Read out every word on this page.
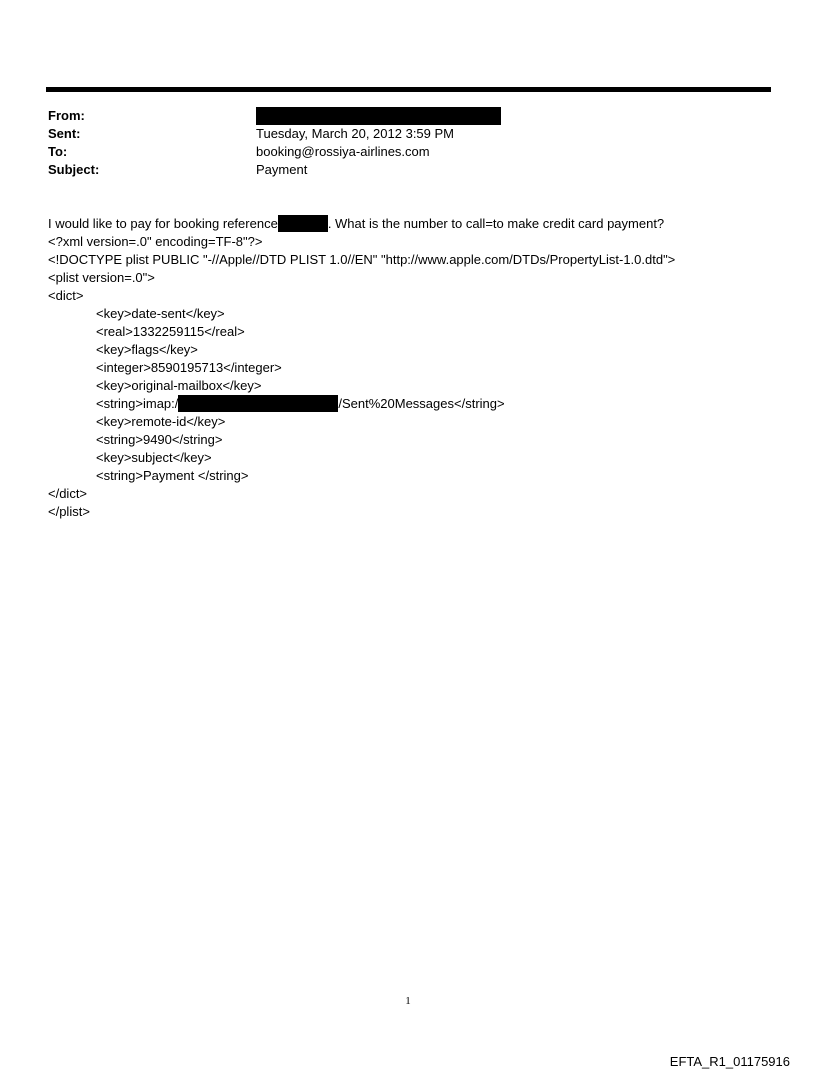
From:
Sent:	Tuesday, March 20, 2012 3:59 PM
To:	booking@rossiya-airlines.com
Subject:	Payment
I would like to pay for booking reference	. What is the number to call=to make credit card payment?
<?xml version=.0" encoding=TF-8"?>
<!DOCTYPE plist PUBLIC "-//Apple//DTD PLIST 1.0//EN" "http://www.apple.com/DTDs/PropertyList-1.0.dtd">
<plist version=.0">
<dict>
<key>date-sent</key>
<real>1332259115</real>
<key>flags</key>
<integer>8590195713</integer>
<key>original-mailbox</key>
<string>imap:/	/Sent%20Messages</string>
<key>remote-id</key>
<string>9490</string>
<key>subject</key>
<string>Payment </string>
</dict>
</plist>
1
EFTA_R1_01175916
